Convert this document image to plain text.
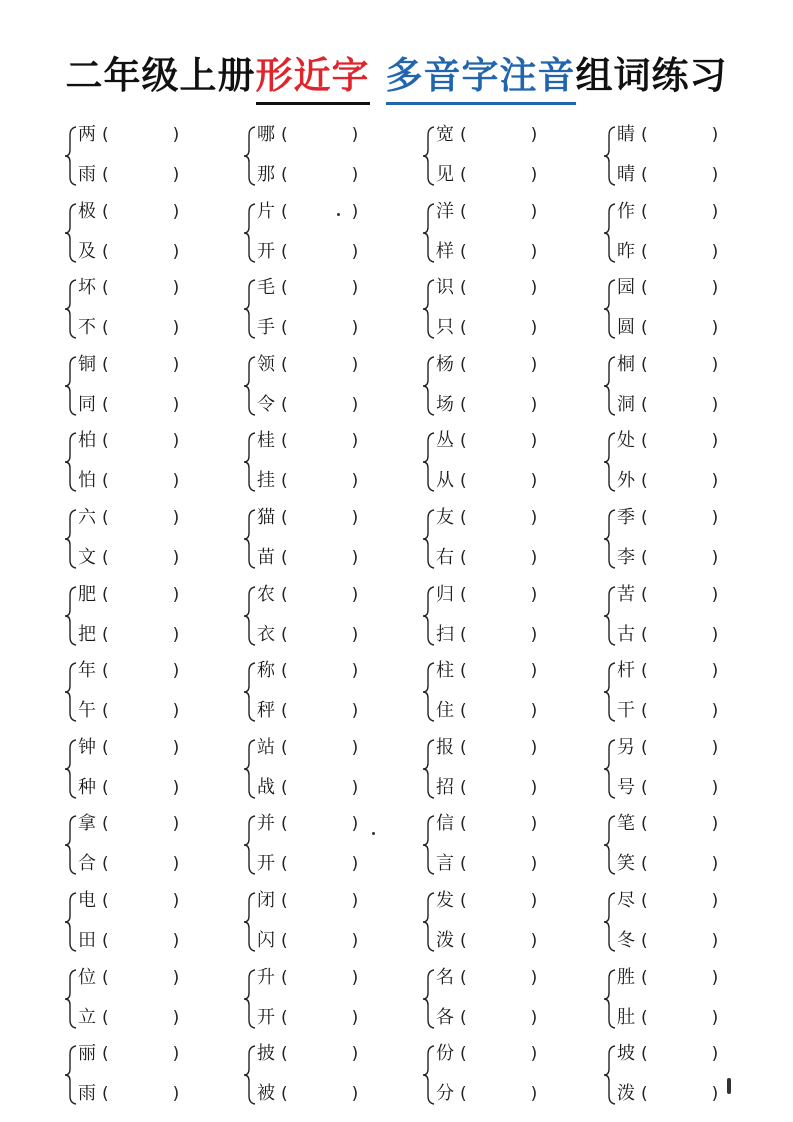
二年级上册形近字 多音字注音组词练习
两 (	)
雨 (	)
极 (	)
及 (	)
坏 (	)
不 (	)
铜 (	)
同 (	)
柏 (	)
怕 (	)
六 (	)
文 (	)
肥 (	)
把 (	)
年 (	)
午 (	)
钟 (	)
种 (	)
拿 (	)
合 (	)
电 (	)
田 (	)
位 (	)
立 (	)
丽 (	)
雨 (	)
哪 (	)
那 (	)
片 (	)
开 (	)
毛 (	)
手 (	)
领 (	)
令 (	)
桂 (	)
挂 (	)
猫 (	)
苗 (	)
农 (	)
衣 (	)
称 (	)
秤 (	)
站 (	)
战 (	)
并 (	)
开 (	)
闭 (	)
闪 (	)
升 (	)
开 (	)
披 (	)
被 (	)
宽 (	)
见 (	)
洋 (	)
样 (	)
识 (	)
只 (	)
杨 (	)
场 (	)
丛 (	)
从 (	)
友 (	)
右 (	)
归 (	)
扫 (	)
柱 (	)
住 (	)
报 (	)
招 (	)
信 (	)
言 (	)
发 (	)
泼 (	)
名 (	)
各 (	)
份 (	)
分 (	)
睛 (	)
晴 (	)
作 (	)
昨 (	)
园 (	)
圆 (	)
桐 (	)
洞 (	)
处 (	)
外 (	)
季 (	)
李 (	)
苦 (	)
古 (	)
杆 (	)
干 (	)
另 (	)
号 (	)
笔 (	)
笑 (	)
尽 (	)
冬 (	)
胜 (	)
肚 (	)
坡 (	)
泼 (	)
